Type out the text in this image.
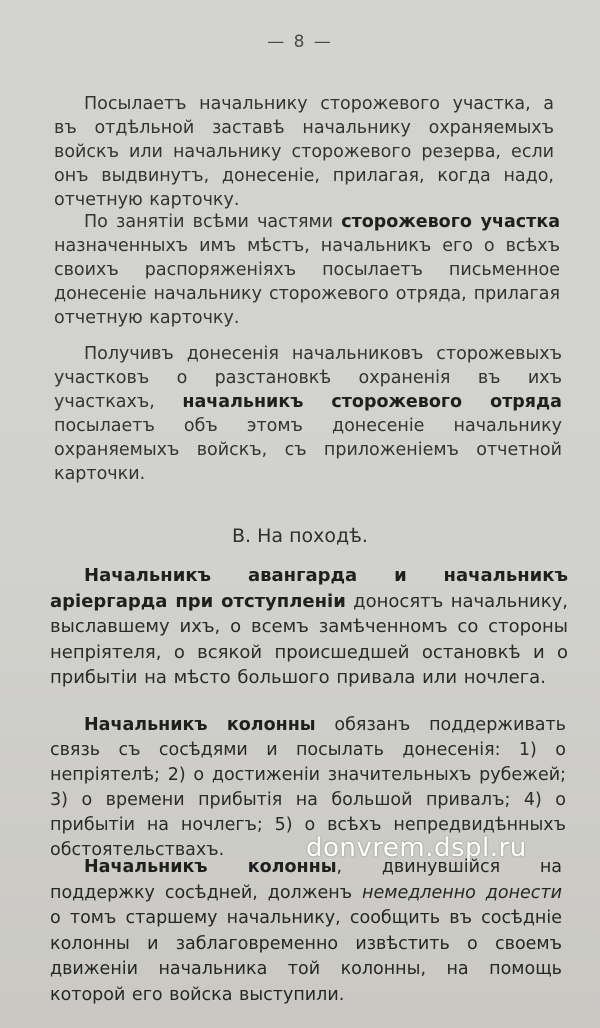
— 8 —

Посылаетъ начальнику сторожевого участка, а въ отдѣльной заставѣ начальнику охраняемыхъ войскъ или начальнику сторожевого резерва, если онъ выдвинутъ, донесеніе, прилагая, когда надо, отчетную карточку.

По занятіи всѣми частями сторожевого участка назначенныхъ имъ мѣстъ, начальникъ его о всѣхъ своихъ распоряженіяхъ посылаетъ письменное донесеніе начальнику сторожевого отряда, прилагая отчетную карточку.

Получивъ донесенія начальниковъ сторожевыхъ участковъ о разстановкѣ охраненія въ ихъ участкахъ, начальникъ сторожевого отряда посылаетъ объ этомъ донесеніе начальнику охраняемыхъ войскъ, съ приложеніемъ отчетной карточки.

В. На походѣ.

Начальникъ авангарда и начальникъ аріергарда при отступленіи доносятъ начальнику, выславшему ихъ, о всемъ замѣченномъ со стороны непріятеля, о всякой происшедшей остановкѣ и о прибытіи на мѣсто большого привала или ночлега.

Начальникъ колонны обязанъ поддерживать связь съ сосѣдями и посылать донесенія: 1) о непріятелѣ; 2) о достиженіи значительныхъ рубежей; 3) о времени прибытія на большой привалъ; 4) о прибытіи на ночлегъ; 5) о всѣхъ непредвидѣнныхъ обстоятельствахъ.

Начальникъ колонны, двинувшійся на поддержку сосѣдней, долженъ немедленно донести о томъ старшему начальнику, сообщить въ сосѣдніе колонны и заблаговременно извѣстить о своемъ движеніи начальника той колонны, на помощь которой его войска выступили.

donvrem.dspl.ru
